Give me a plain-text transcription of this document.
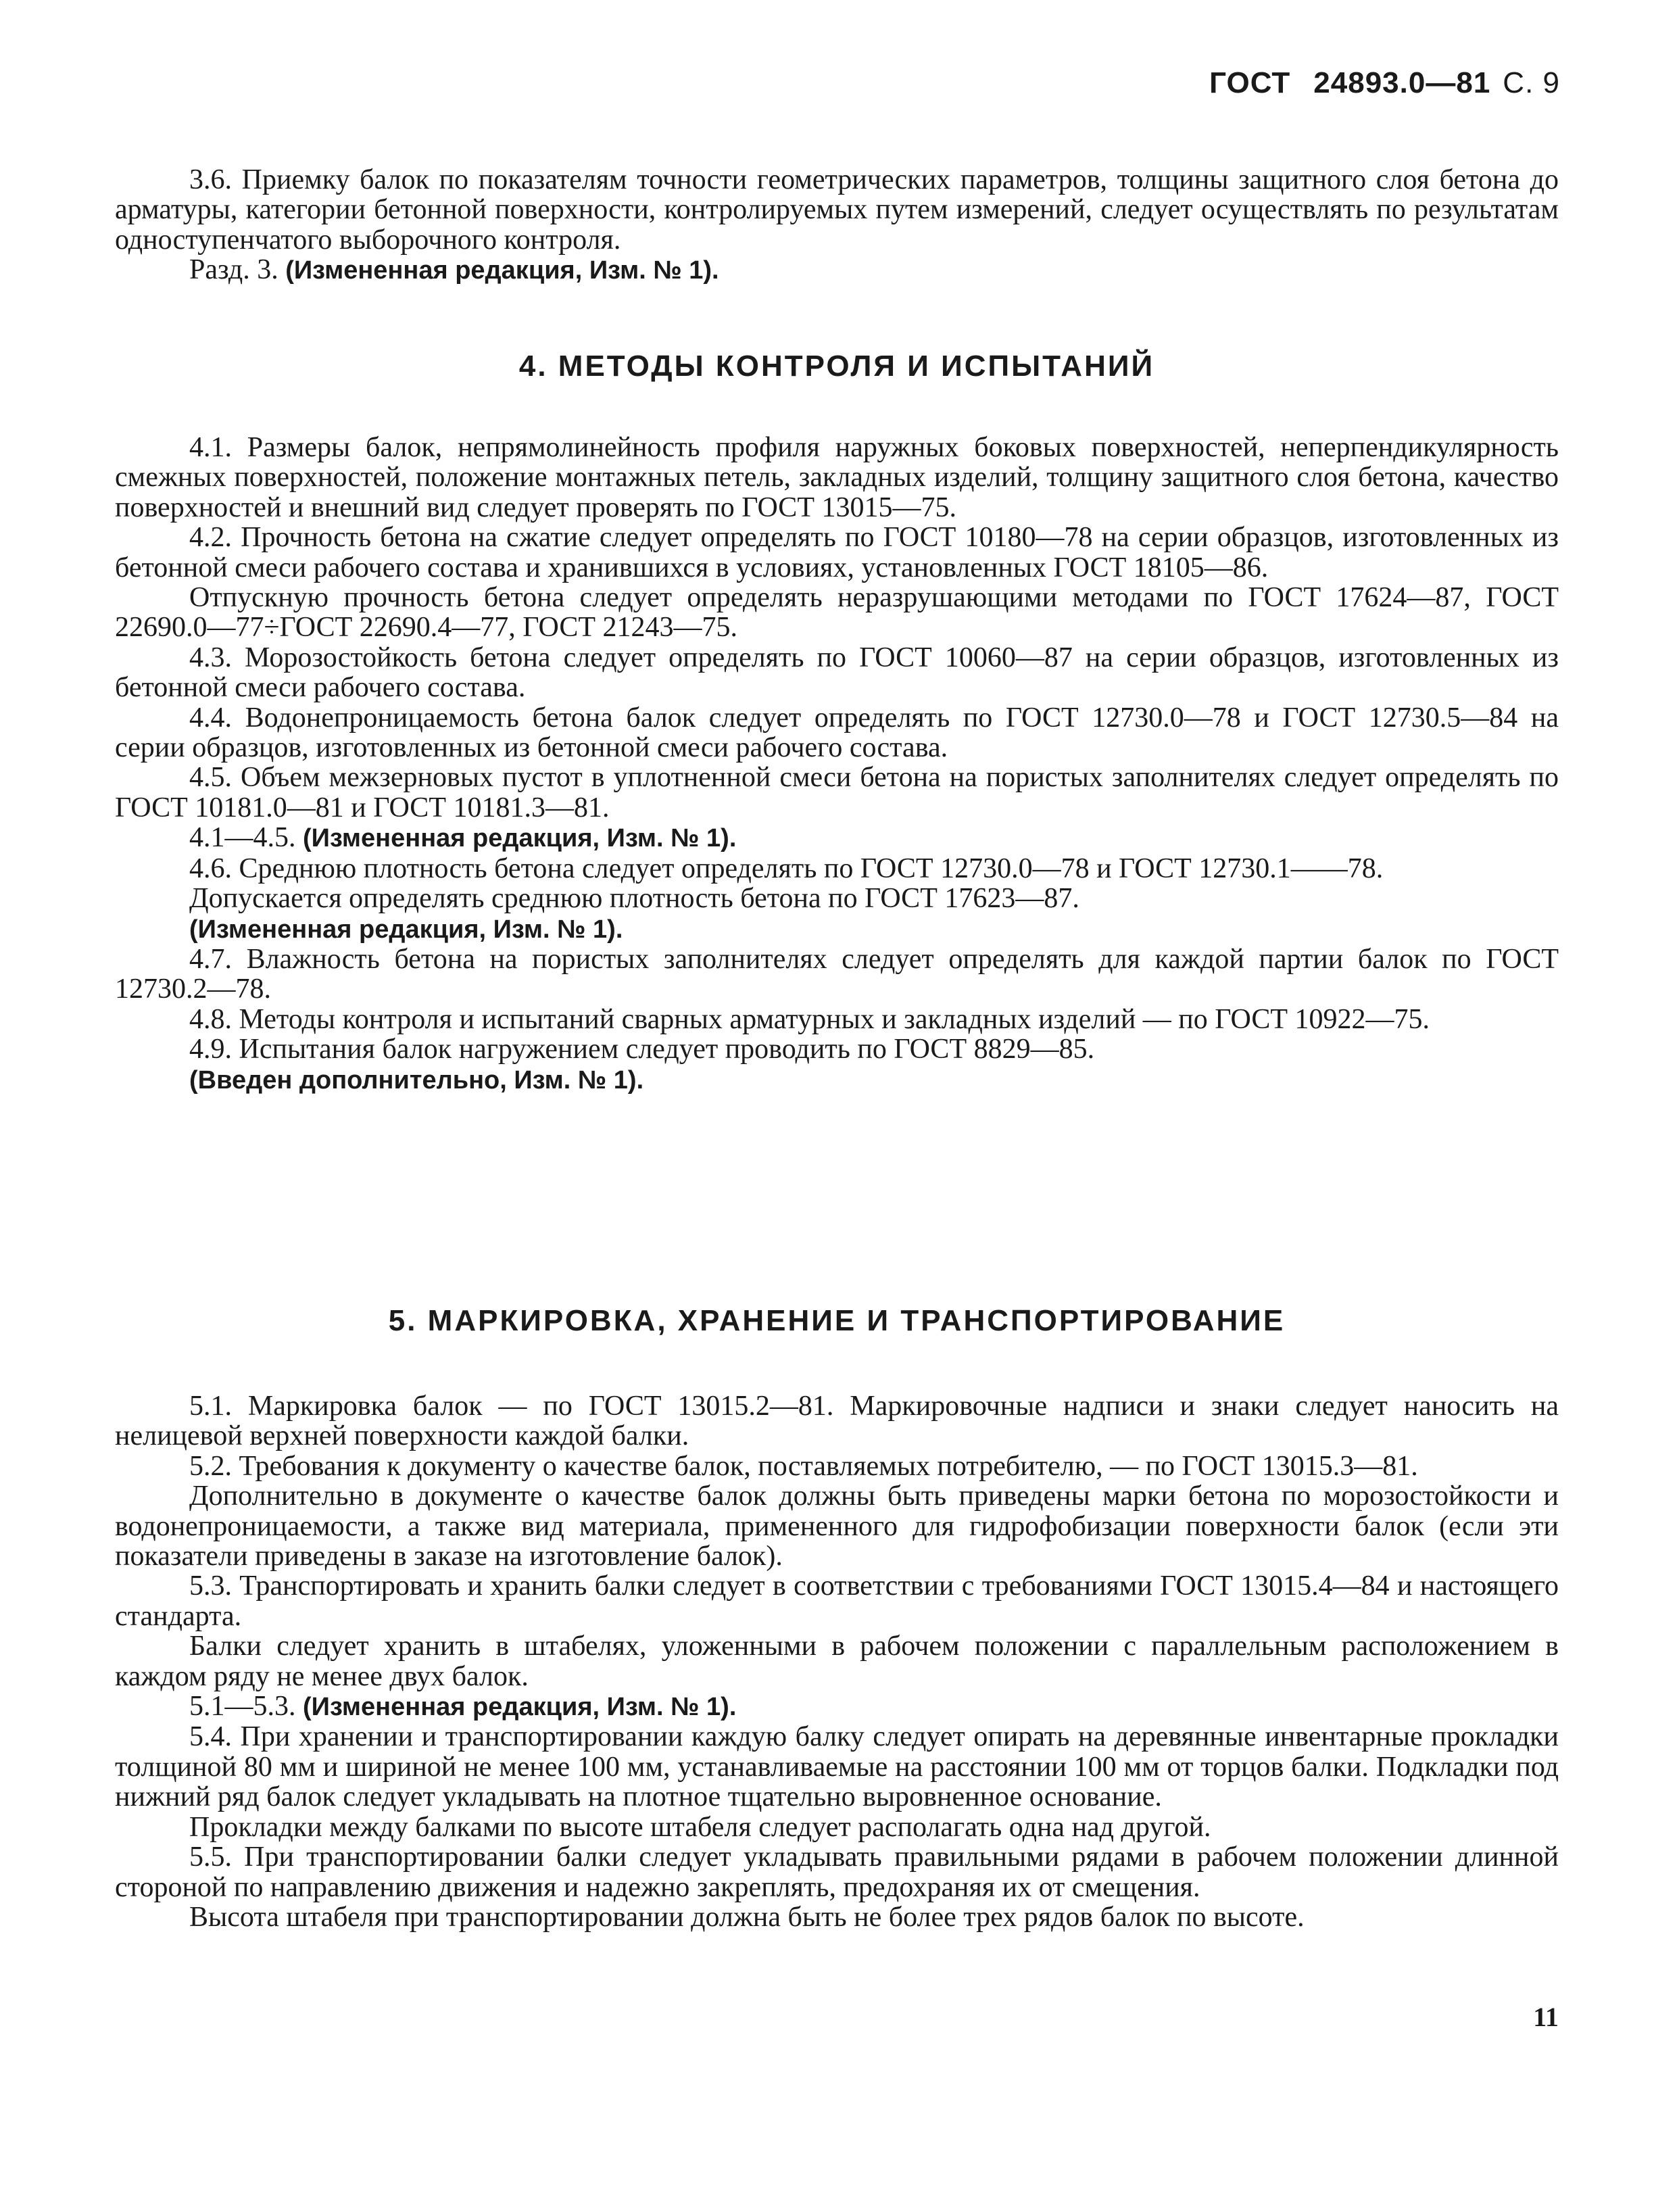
ГОСТ 24893.0—81 С. 9

3.6. Приемку балок по показателям точности геометрических параметров, толщины защитного слоя бетона до арматуры, категории бетонной поверхности, контролируемых путем измерений, следует осуществлять по результатам одноступенчатого выборочного контроля.

Разд. 3. (Измененная редакция, Изм. № 1).

4. МЕТОДЫ КОНТРОЛЯ И ИСПЫТАНИЙ

4.1. Размеры балок, непрямолинейность профиля наружных боковых поверхностей, неперпендикулярность смежных поверхностей, положение монтажных петель, закладных изделий, толщину защитного слоя бетона, качество поверхностей и внешний вид следует проверять по ГОСТ 13015—75.

4.2. Прочность бетона на сжатие следует определять по ГОСТ 10180—78 на серии образцов, изготовленных из бетонной смеси рабочего состава и хранившихся в условиях, установленных ГОСТ 18105—86.

Отпускную прочность бетона следует определять неразрушающими методами по ГОСТ 17624—87, ГОСТ 22690.0—77÷ГОСТ 22690.4—77, ГОСТ 21243—75.

4.3. Морозостойкость бетона следует определять по ГОСТ 10060—87 на серии образцов, изготовленных из бетонной смеси рабочего состава.

4.4. Водонепроницаемость бетона балок следует определять по ГОСТ 12730.0—78 и ГОСТ 12730.5—84 на серии образцов, изготовленных из бетонной смеси рабочего состава.

4.5. Объем межзерновых пустот в уплотненной смеси бетона на пористых заполнителях следует определять по ГОСТ 10181.0—81 и ГОСТ 10181.3—81.

4.1—4.5. (Измененная редакция, Изм. № 1).

4.6. Среднюю плотность бетона следует определять по ГОСТ 12730.0—78 и ГОСТ 12730.1——78.

Допускается определять среднюю плотность бетона по ГОСТ 17623—87.

(Измененная редакция, Изм. № 1).

4.7. Влажность бетона на пористых заполнителях следует определять для каждой партии балок по ГОСТ 12730.2—78.

4.8. Методы контроля и испытаний сварных арматурных и закладных изделий — по ГОСТ 10922—75.

4.9. Испытания балок нагружением следует проводить по ГОСТ 8829—85.

(Введен дополнительно, Изм. № 1).

5. МАРКИРОВКА, ХРАНЕНИЕ И ТРАНСПОРТИРОВАНИЕ

5.1. Маркировка балок — по ГОСТ 13015.2—81. Маркировочные надписи и знаки следует наносить на нелицевой верхней поверхности каждой балки.

5.2. Требования к документу о качестве балок, поставляемых потребителю, — по ГОСТ 13015.3—81.

Дополнительно в документе о качестве балок должны быть приведены марки бетона по морозостойкости и водонепроницаемости, а также вид материала, примененного для гидрофобизации поверхности балок (если эти показатели приведены в заказе на изготовление балок).

5.3. Транспортировать и хранить балки следует в соответствии с требованиями ГОСТ 13015.4—84 и настоящего стандарта.

Балки следует хранить в штабелях, уложенными в рабочем положении с параллельным расположением в каждом ряду не менее двух балок.

5.1—5.3. (Измененная редакция, Изм. № 1).

5.4. При хранении и транспортировании каждую балку следует опирать на деревянные инвентарные прокладки толщиной 80 мм и шириной не менее 100 мм, устанавливаемые на расстоянии 100 мм от торцов балки. Подкладки под нижний ряд балок следует укладывать на плотное тщательно выровненное основание.

Прокладки между балками по высоте штабеля следует располагать одна над другой.

5.5. При транспортировании балки следует укладывать правильными рядами в рабочем положении длинной стороной по направлению движения и надежно закреплять, предохраняя их от смещения.

Высота штабеля при транспортировании должна быть не более трех рядов балок по высоте.

11
